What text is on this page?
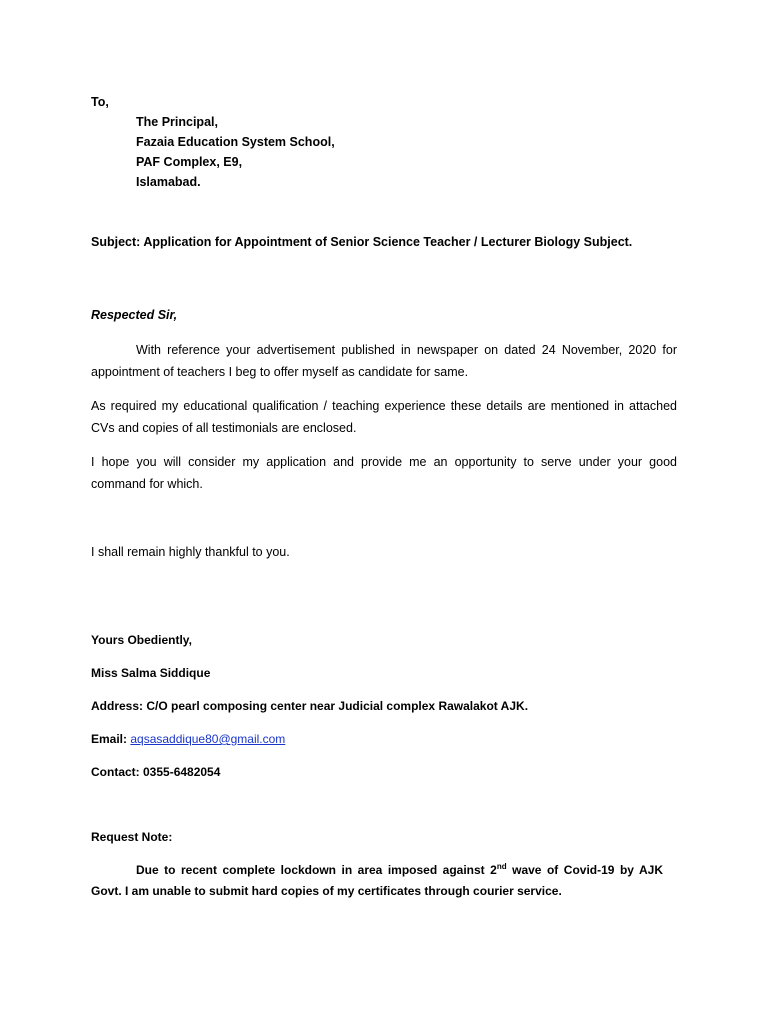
To,
The Principal,
Fazaia Education System School,
PAF Complex, E9,
Islamabad.
Subject: Application for Appointment of Senior Science Teacher / Lecturer Biology Subject.
Respected Sir,
With reference your advertisement published in newspaper on dated 24 November, 2020 for appointment of teachers I beg to offer myself as candidate for same.
As required my educational qualification / teaching experience these details are mentioned in attached CVs and copies of all testimonials are enclosed.
I hope you will consider my application and provide me an opportunity to serve under your good command for which.
I shall remain highly thankful to you.
Yours Obediently,
Miss Salma Siddique
Address: C/O pearl composing center near Judicial complex Rawalakot AJK.
Email: aqsasaddique80@gmail.com
Contact: 0355-6482054
Request Note:
Due to recent complete lockdown in area imposed against 2nd wave of Covid-19 by AJK Govt. I am unable to submit hard copies of my certificates through courier service.
